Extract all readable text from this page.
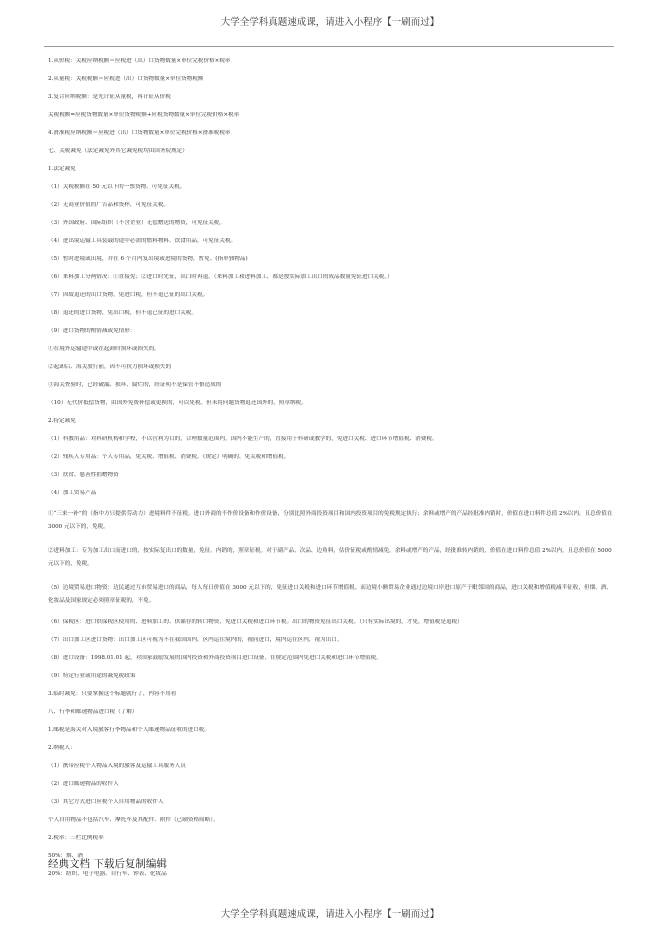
大学全学科真题速成课，请进入小程序【一刷而过】
1.从价税：关税应纳税额＝应税进（出）口货物数量×单位完税价格×税率
2.从量税：关税税额＝应税进（出）口货物数量×单位货物税额
3.复合应纳税额：是先计征从量税，再计征从价税
关税税额=应税货物数量×单位货物税额+应税货物数量×单位完税价格×税率
4.滑准税应纳税额＝应税进（出）口货物数量×单位完税价格×滑准税税率
七、关税减免（法定减免外其它减免税均由国务院规定）
1.法定减免
（1）关税税额在 50 元以下的一票货物，可免征关税。
（2）无商业价值的广告品和货样，可免征关税。
（3）外国政府、国际组织（不含企业）无偿赠送的物资，可免征关税。
（4）进出境运输工具装载的途中必需的燃料物料、饮食用品，可免征关税。
（5）暂时进境或出境，并在 6 个月内复出境或进境的货物，暂免。(指单独物品)
（6）来料加工分两情况：①直接免；②进口时先征，出口时再退。（来料加工和进料加工，都是按实际加工出口的成品数量免征进口关税。）
（7）因故退还的出口货物，免进口税，但不退已征的出口关税。
（8）退还的进口货物，免出口税，但不退已征的进口关税。
（9）进口货物的酌情减或免情形：
①在境外运输途中或在起卸时损坏或损失的。
②起卸后、海关放行前，因不可抗力损坏或损失的
③海关查验时，已经破漏、损坏、腐烂的，经证明不是保管不慎造成的
（10）无代价抵偿货物，由国外免费补偿或更换的，可以免税。但未将问题货物退还国外的，照章纳税。
2.特定减免
（1）科教用品：对科研机构和学校，不以营利为目的，合理数量范围内，国内不能生产的，直接用于科研或教学的，免进口关税、进口环节增值税、消费税。
（2）残疾人专用品：个人专用品，免关税、增值税、消费税。《规定》明确的，免关税和增值税。
（3）扶贫、慈善性捐赠物资
（4）加工贸易产品
①“三来一补”的（指中方只提供劳动力）进境料件不征税。进口外商的不作价设备和作价设备，分别比照外商投资项目和国内投资项目的免税规定执行；余料或增产的产品经批准内销时，价值在进口料件总值 2%以内，且总价值在 3000 元以下的，免税。
②进料加工：专为加工出口而进口的，按实际复出口的数量，免征。内销的，照章征税。对于副产品、次品、边角料，估价征税或酌情减免。余料或增产的产品，经批准转内销的，价值在进口料件总值 2%以内，且总价值在 5000 元以下的，免税。
（5）边境贸易进口物资：边民通过互市贸易进口的商品，每人每日价值在 3000 元以下的，免征进口关税和进口环节增值税。而边境小额贸易企业通过边境口岸进口原产于毗邻国的商品，进口关税和增值税减半征收，但烟、酒、化妆品及国家规定必须照章征税的，不免。
（6）保税区：进口供保税区使用的、进料加工的、供储存的转口物资，免进口关税和进口环节税。出口的物资免征出口关税。（只有实际出境的，才免，增值税是退税）
（7）出口加工区进口货物：出口加工区可视为不在我国国内，区内运往境内的，视同进口，境内运往区内，视为出口。
（8）进口设备：1998.01.01 起，对国家鼓励发展的国内投资和外商投资项目进口设备，在规定范围内免进口关税和进口环节增值税。
（9）特定行业或用途的减免税政策
3.临时减免：只要掌握这个标题就行了，内容不用看
八、行李和邮递物品进口税（了解）
1.邮税是海关对入境旅客行李物品和个人邮递物品征收的进口税。
2.纳税人：
（1）携带应税个人物品入境的旅客及运输工具服务人员
（2）进口邮递物品的收件人
（3）其它方式进口应税个人自用物品的收件人
个人自用物品不包括汽车、摩托车及其配件、附件（已刷资格简略）。
2.税率：三栏比例税率
50%：烟、酒
20%：纺织、电子电器、自行车、钟表、化妆品
经典文档 下载后复制编辑
大学全学科真题速成课，请进入小程序【一刷而过】
